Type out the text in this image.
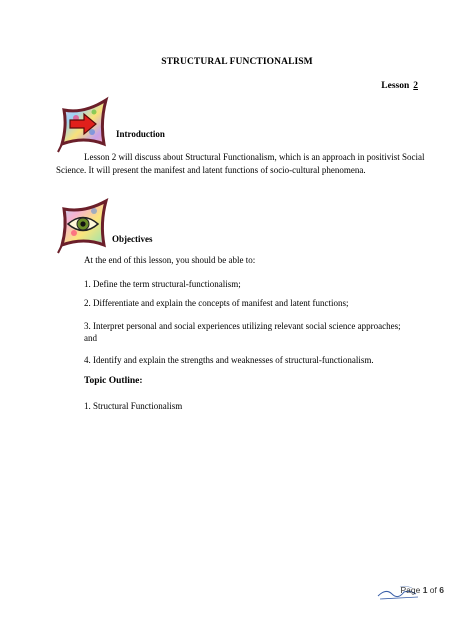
STRUCTURAL FUNCTIONALISM
Lesson 2
Introduction
Lesson 2 will discuss about Structural Functionalism, which is an approach in positivist Social Science. It will present the manifest and latent functions of socio-cultural phenomena.
Objectives
At the end of this lesson, you should be able to:
1. Define the term structural-functionalism;
2. Differentiate and explain the concepts of manifest and latent functions;
3. Interpret personal and social experiences utilizing relevant social science approaches; and
4. Identify and explain the strengths and weaknesses of structural-functionalism.
Topic Outline:
1. Structural Functionalism
Page 1 of 6
